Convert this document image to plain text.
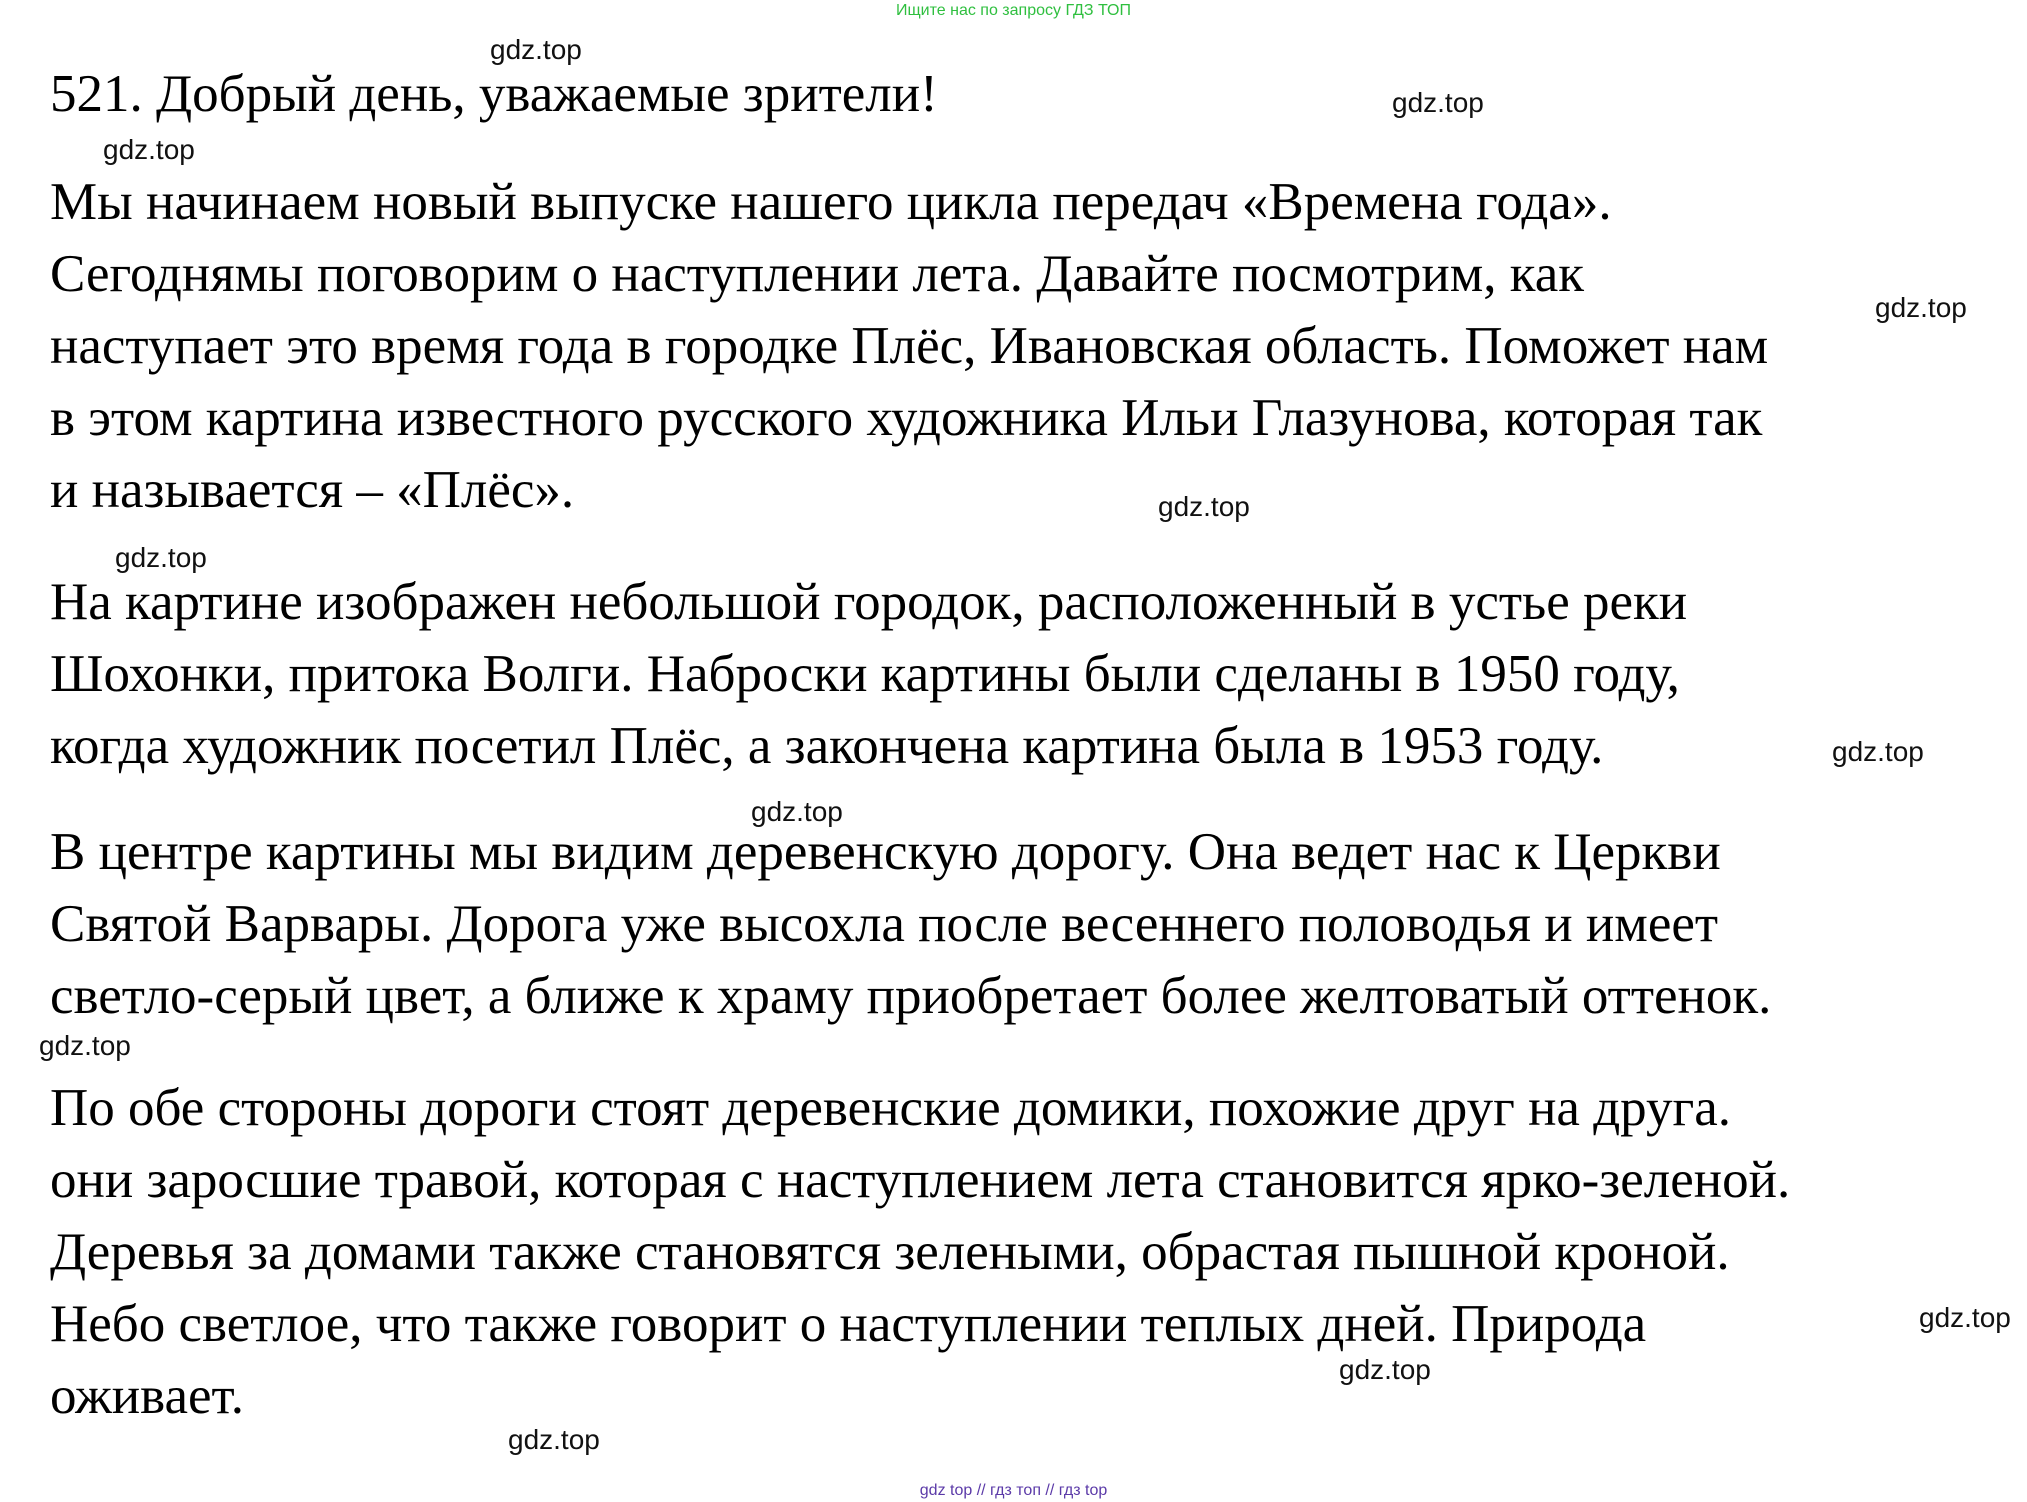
Ищите нас по запросу ГДЗ ТОП
521. Добрый день, уважаемые зрители!
Мы начинаем новый выпуске нашего цикла передач «Времена года».
Сегоднямы поговорим о наступлении лета. Давайте посмотрим, как
наступает это время года в городке Плёс, Ивановская область. Поможет нам
в этом картина известного русского художника Ильи Глазунова, которая так
и называется – «Плёс».
На картине изображен небольшой городок, расположенный в устье реки
Шохонки, притока Волги. Наброски картины были сделаны в 1950 году,
когда художник посетил Плёс, а закончена картина была в 1953 году.
В центре картины мы видим деревенскую дорогу. Она ведет нас к Церкви
Святой Варвары. Дорога уже высохла после весеннего половодья и имеет
светло-серый цвет, а ближе к храму приобретает более желтоватый оттенок.
По обе стороны дороги стоят деревенские домики, похожие друг на друга.
они заросшие травой, которая с наступлением лета становится ярко-зеленой.
Деревья за домами также становятся зелеными, обрастая пышной кроной.
Небо светлое, что также говорит о наступлении теплых дней. Природа
оживает.
gdz.top
gdz.top
gdz.top
gdz.top
gdz.top
gdz.top
gdz.top
gdz.top
gdz.top
gdz.top
gdz.top
gdz.top
gdz top // гдз топ // гдз top
